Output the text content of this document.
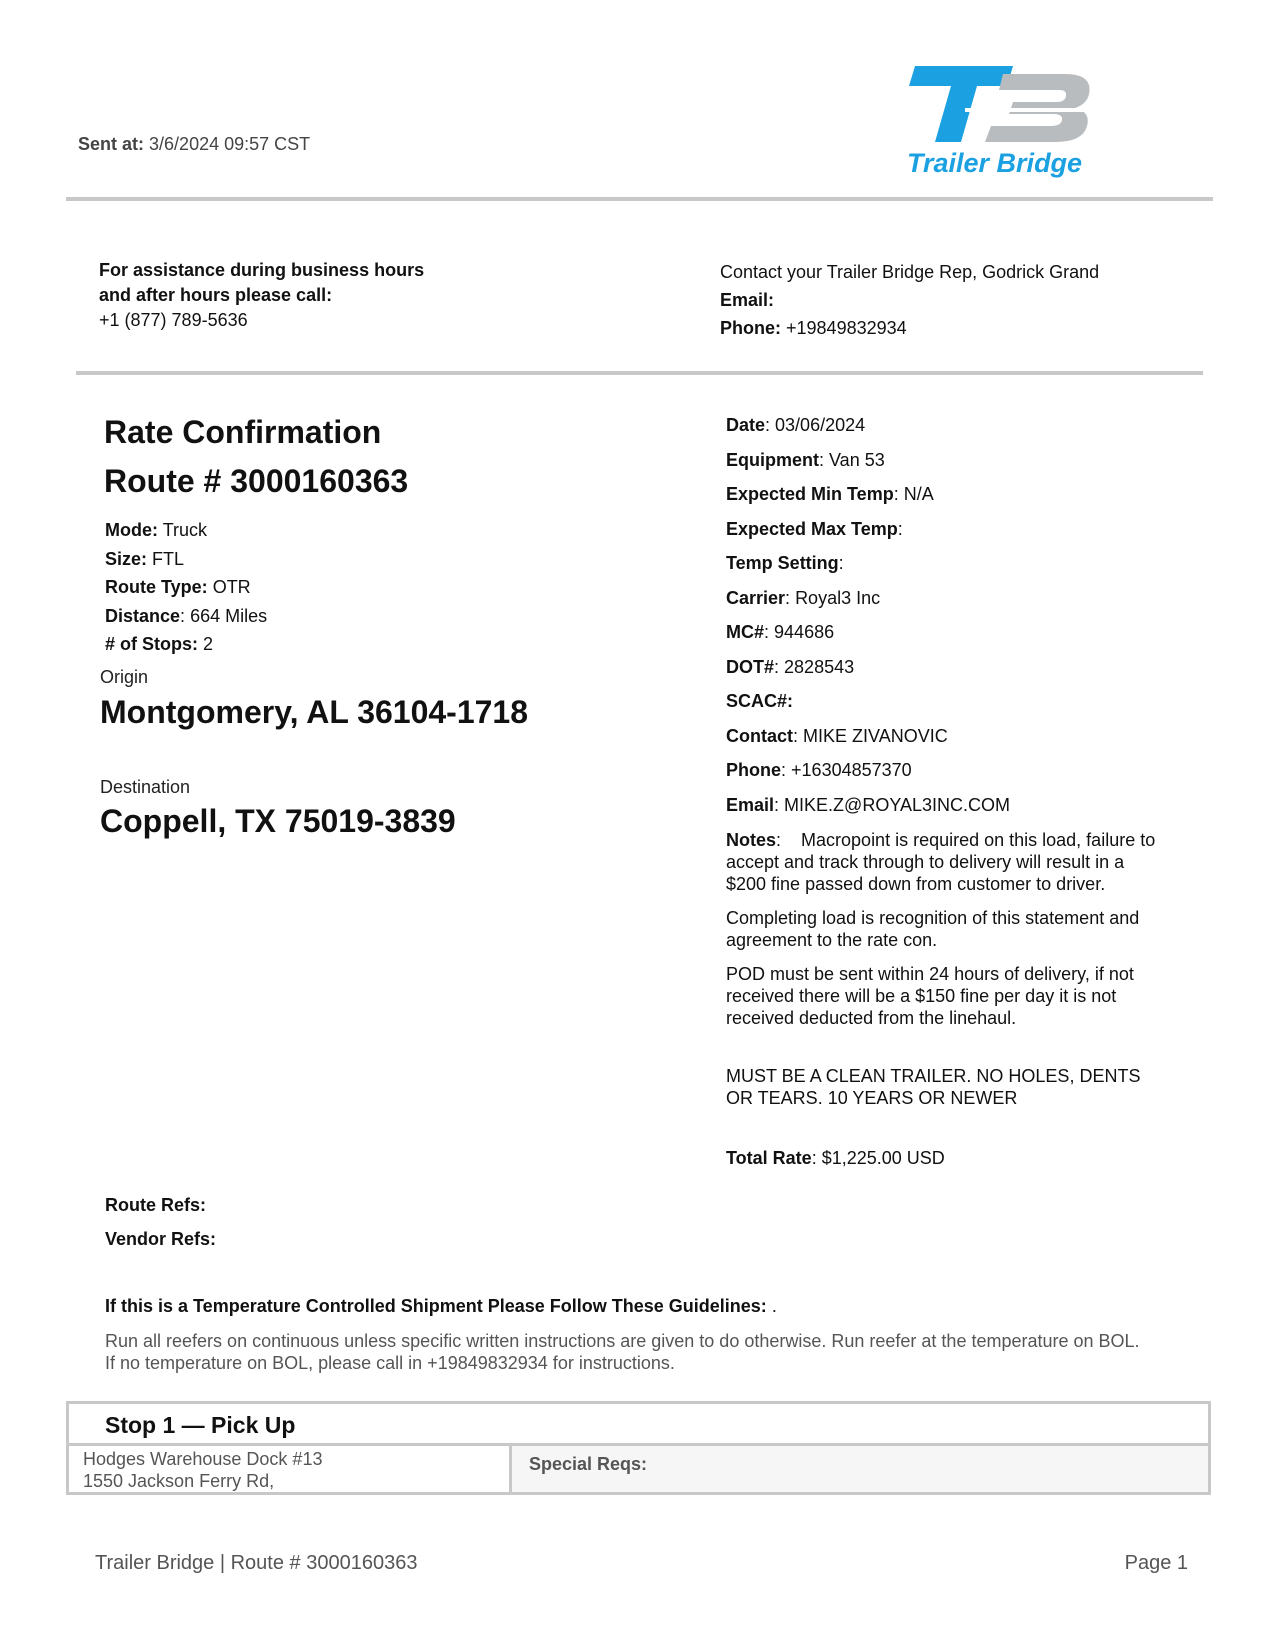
Sent at: 3/6/2024 09:57 CST
Trailer Bridge
For assistance during business hours
and after hours please call:
+1 (877) 789-5636
Contact your Trailer Bridge Rep, Godrick Grand
Email:
Phone: +19849832934
Rate Confirmation
Route # 3000160363
Mode: Truck
Size: FTL
Route Type: OTR
Distance: 664 Miles
# of Stops: 2
Origin
Montgomery, AL 36104-1718
Destination
Coppell, TX 75019-3839
Date: 03/06/2024
Equipment: Van 53
Expected Min Temp: N/A
Expected Max Temp:
Temp Setting:
Carrier: Royal3 Inc
MC#: 944686
DOT#: 2828543
SCAC#:
Contact: MIKE ZIVANOVIC
Phone: +16304857370
Email: MIKE.Z@ROYAL3INC.COM

Notes:    Macropoint is required on this load, failure to accept and track through to delivery will result in a $200 fine passed down from customer to driver.

Completing load is recognition of this statement and agreement to the rate con.

POD must be sent within 24 hours of delivery, if not received there will be a $150 fine per day it is not received deducted from the linehaul.

MUST BE A CLEAN TRAILER. NO HOLES, DENTS OR TEARS. 10 YEARS OR NEWER

Total Rate: $1,225.00 USD
Route Refs:
Vendor Refs:
If this is a Temperature Controlled Shipment Please Follow These Guidelines: .
Run all reefers on continuous unless specific written instructions are given to do otherwise. Run reefer at the temperature on BOL.
If no temperature on BOL, please call in +19849832934 for instructions.
Stop 1 — Pick Up
Hodges Warehouse Dock #13
1550 Jackson Ferry Rd,
Special Reqs:
Trailer Bridge | Route # 3000160363	Page 1
